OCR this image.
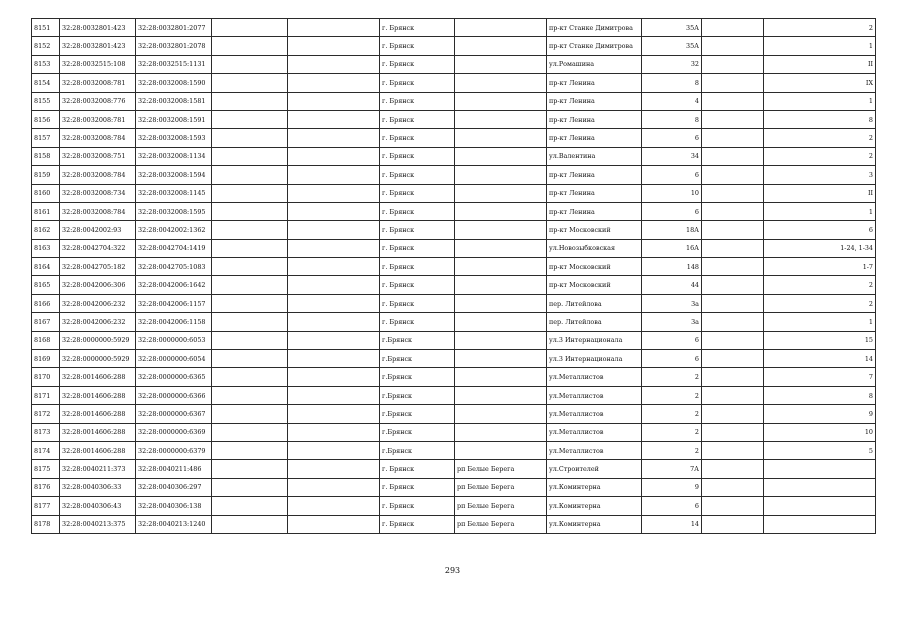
8151	32:28:0032801:423	32:28:0032801:2077			г. Брянск		пр-кт Станке Димитрова	35А		2
8152	32:28:0032801:423	32:28:0032801:2078			г. Брянск		пр-кт Станке Димитрова	35А		1
8153	32:28:0032515:108	32:28:0032515:1131			г. Брянск		ул.Ромашина	32		II
8154	32:28:0032008:781	32:28:0032008:1590			г. Брянск		пр-кт Ленина	8		IX
8155	32:28:0032008:776	32:28:0032008:1581			г. Брянск		пр-кт Ленина	4		1
8156	32:28:0032008:781	32:28:0032008:1591			г. Брянск		пр-кт Ленина	8		8
8157	32:28:0032008:784	32:28:0032008:1593			г. Брянск		пр-кт Ленина	6		2
8158	32:28:0032008:751	32:28:0032008:1134			г. Брянск		ул.Валентина	34		2
8159	32:28:0032008:784	32:28:0032008:1594			г. Брянск		пр-кт Ленина	6		3
8160	32:28:0032008:734	32:28:0032008:1145			г. Брянск		пр-кт Ленина	10		II
8161	32:28:0032008:784	32:28:0032008:1595			г. Брянск		пр-кт Ленина	6		1
8162	32:28:0042002:93	32:28:0042002:1362			г. Брянск		пр-кт Московский	18А		6
8163	32:28:0042704:322	32:28:0042704:1419			г. Брянск		ул.Новозыбковская	16А		1-24, 1-34
8164	32:28:0042705:182	32:28:0042705:1083			г. Брянск		пр-кт Московский	148		1-7
8165	32:28:0042006:306	32:28:0042006:1642			г. Брянск		пр-кт Московский	44		2
8166	32:28:0042006:232	32:28:0042006:1157			г. Брянск		пер. Литейлова	3а		2
8167	32:28:0042006:232	32:28:0042006:1158			г. Брянск		пер. Литейлова	3а		1
8168	32:28:0000000:5929	32:28:0000000:6053			г.Брянск		ул.3 Интернационала	6		15
8169	32:28:0000000:5929	32:28:0000000:6054			г.Брянск		ул.3 Интернационала	6		14
8170	32:28:0014606:288	32:28:0000000:6365			г.Брянск		ул.Металлистов	2		7
8171	32:28:0014606:288	32:28:0000000:6366			г.Брянск		ул.Металлистов	2		8
8172	32:28:0014606:288	32:28:0000000:6367			г.Брянск		ул.Металлистов	2		9
8173	32:28:0014606:288	32:28:0000000:6369			г.Брянск		ул.Металлистов	2		10
8174	32:28:0014606:288	32:28:0000000:6379			г.Брянск		ул.Металлистов	2		5
8175	32:28:0040211:373	32:28:0040211:486			г. Брянск	рп Белые Берега	ул.Строителей	7А		
8176	32:28:0040306:33	32:28:0040306:297			г. Брянск	рп Белые Берега	ул.Коминтерна	9		
8177	32:28:0040306:43	32:28:0040306:138			г. Брянск	рп Белые Берега	ул.Коминтерна	6		
8178	32:28:0040213:375	32:28:0040213:1240			г. Брянск	рп Белые Берега	ул.Коминтерна	14		
293
